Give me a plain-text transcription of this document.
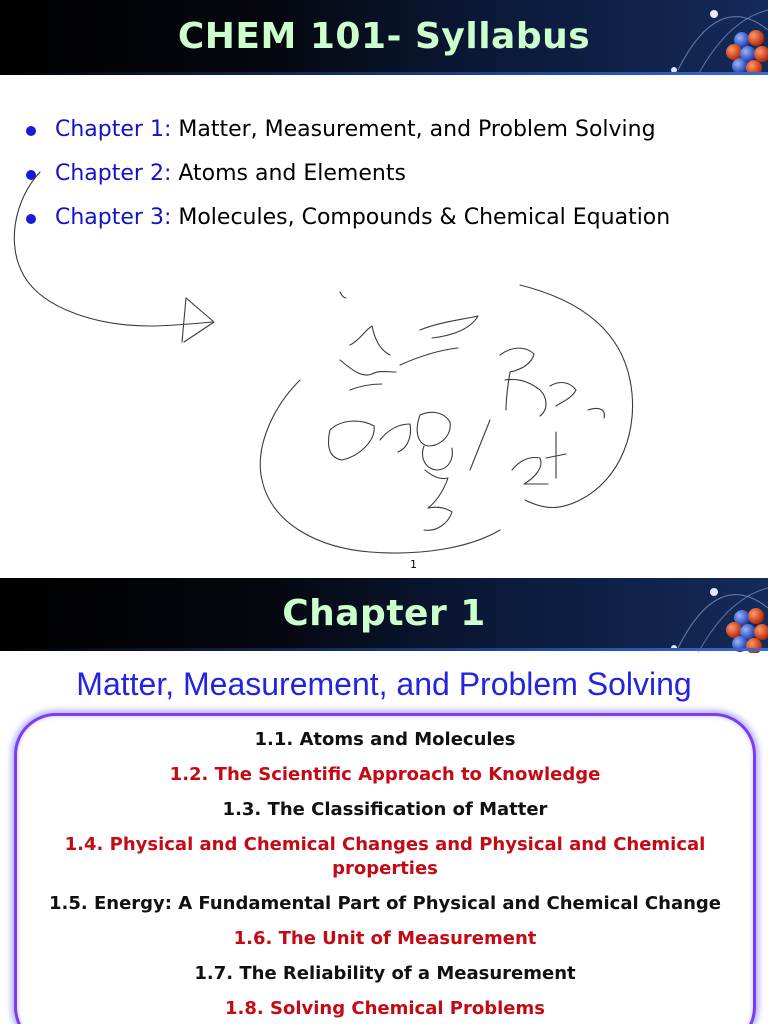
CHEM 101- Syllabus
Chapter 1: Matter, Measurement, and Problem Solving
Chapter 2: Atoms and Elements
Chapter 3: Molecules, Compounds & Chemical Equation
1
Chapter 1
Matter, Measurement, and Problem Solving
1.1. Atoms and Molecules
1.2. The Scientific Approach to Knowledge
1.3. The Classification of Matter
1.4. Physical and Chemical Changes and Physical and Chemical properties
1.5. Energy: A Fundamental Part of Physical and Chemical Change
1.6. The Unit of Measurement
1.7. The Reliability of a Measurement
1.8. Solving Chemical Problems
